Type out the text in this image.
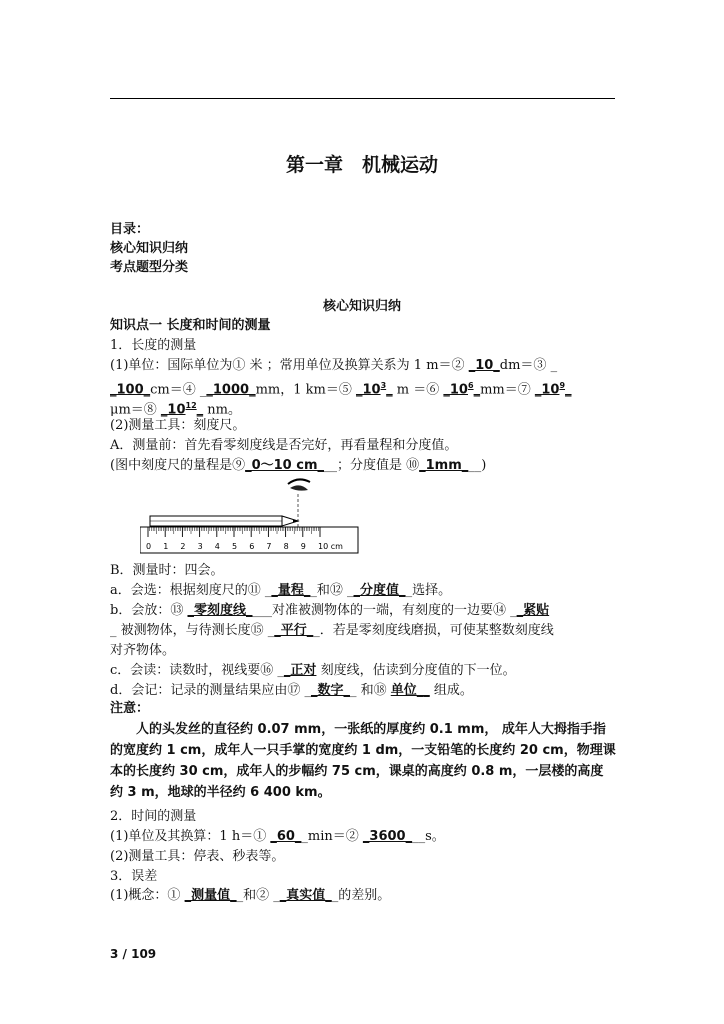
第一章　机械运动
目录：
核心知识归纳
考点题型分类
核心知识归纳
知识点一 长度和时间的测量
1．长度的测量
(1)单位：国际单位为① 米 ；常用单位及换算关系为 1 m＝② _10_dm＝③ _
_100_cm＝④ __1000_mm，1 km＝⑤ $\_10^3\_$ m ＝⑥ $\_10^6\_mm=⑦$ $\_10^9\_$
μm＝⑧ $\_10^{12}\_$ nm。
(2)测量工具：刻度尺。
A．测量前：首先看零刻度线是否完好，再看量程和分度值。
(图中刻度尺的量程是⑨_0～10 cm___；分度值是 ⑩_1mm___)
0 1 2 3 4 5 6 7 8 9 10 cm
B．测量时：四会。
a．会选：根据刻度尺的⑪ __量程__和⑫ __分度值__选择。
b．会放：⑬ _零刻度线____对准被测物体的一端，有刻度的一边要⑭ __紧贴
_ 被测物体，与待测长度⑮ __平行__．若是零刻度线磨损，可使某整数刻度线
对齐物体。
c．会读：读数时，视线要⑯ __正对 刻度线，估读到分度值的下一位。
d．会记：记录的测量结果应由⑰ __数字__ 和⑱ 单位__ 组成。
注意：
人的头发丝的直径约 0.07 mm，一张纸的厚度约 0.1 mm， 成年人大拇指手指的宽度约 1 cm，成年人一只手掌的宽度约 1 dm，一支铅笔的长度约 20 cm，物理课本的长度约 30 cm，成年人的步幅约 75 cm，课桌的高度约 0.8 m，一层楼的高度约 3 m，地球的半径约 6 400 km。
2．时间的测量
(1)单位及其换算：1 h＝① _60__min＝② _3600___s。
(2)测量工具：停表、秒表等。
3．误差
(1)概念：① _测量值__和② __真实值__的差别。
3 / 109
